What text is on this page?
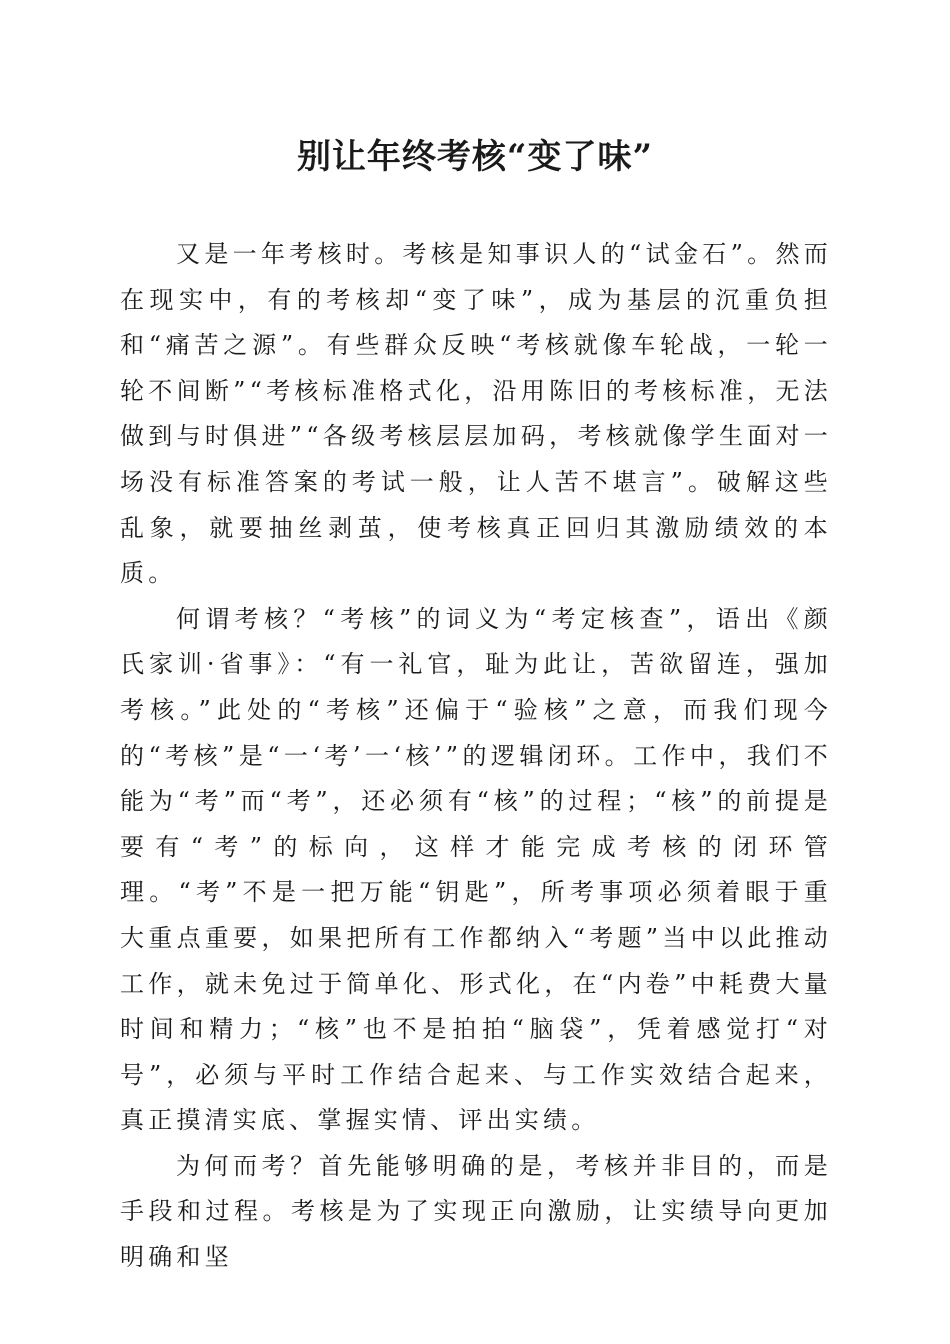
别让年终考核“变了味”

又是一年考核时。考核是知事识人的“试金石”。然而在现实中，有的考核却“变了味”，成为基层的沉重负担和“痛苦之源”。有些群众反映“考核就像车轮战，一轮一轮不间断”“考核标准格式化，沿用陈旧的考核标准，无法做到与时俱进”“各级考核层层加码，考核就像学生面对一场没有标准答案的考试一般，让人苦不堪言”。破解这些乱象，就要抽丝剥茧，使考核真正回归其激励绩效的本质。

何谓考核？“考核”的词义为“考定核查”，语出《颜氏家训·省事》：“有一礼官，耻为此让，苦欲留连，强加考核。”此处的“考核”还偏于“验核”之意，而我们现今的“考核”是“一‘考’一‘核’”的逻辑闭环。工作中，我们不能为“考”而“考”，还必须有“核”的过程；“核”的前提是要有“考”的标向，这样才能完成考核的闭环管理。“考”不是一把万能“钥匙”，所考事项必须着眼于重大重点重要，如果把所有工作都纳入“考题”当中以此推动工作，就未免过于简单化、形式化，在“内卷”中耗费大量时间和精力；“核”也不是拍拍“脑袋”，凭着感觉打“对号”，必须与平时工作结合起来、与工作实效结合起来，真正摸清实底、掌握实情、评出实绩。

为何而考？首先能够明确的是，考核并非目的，而是手段和过程。考核是为了实现正向激励，让实绩导向更加明确和坚
